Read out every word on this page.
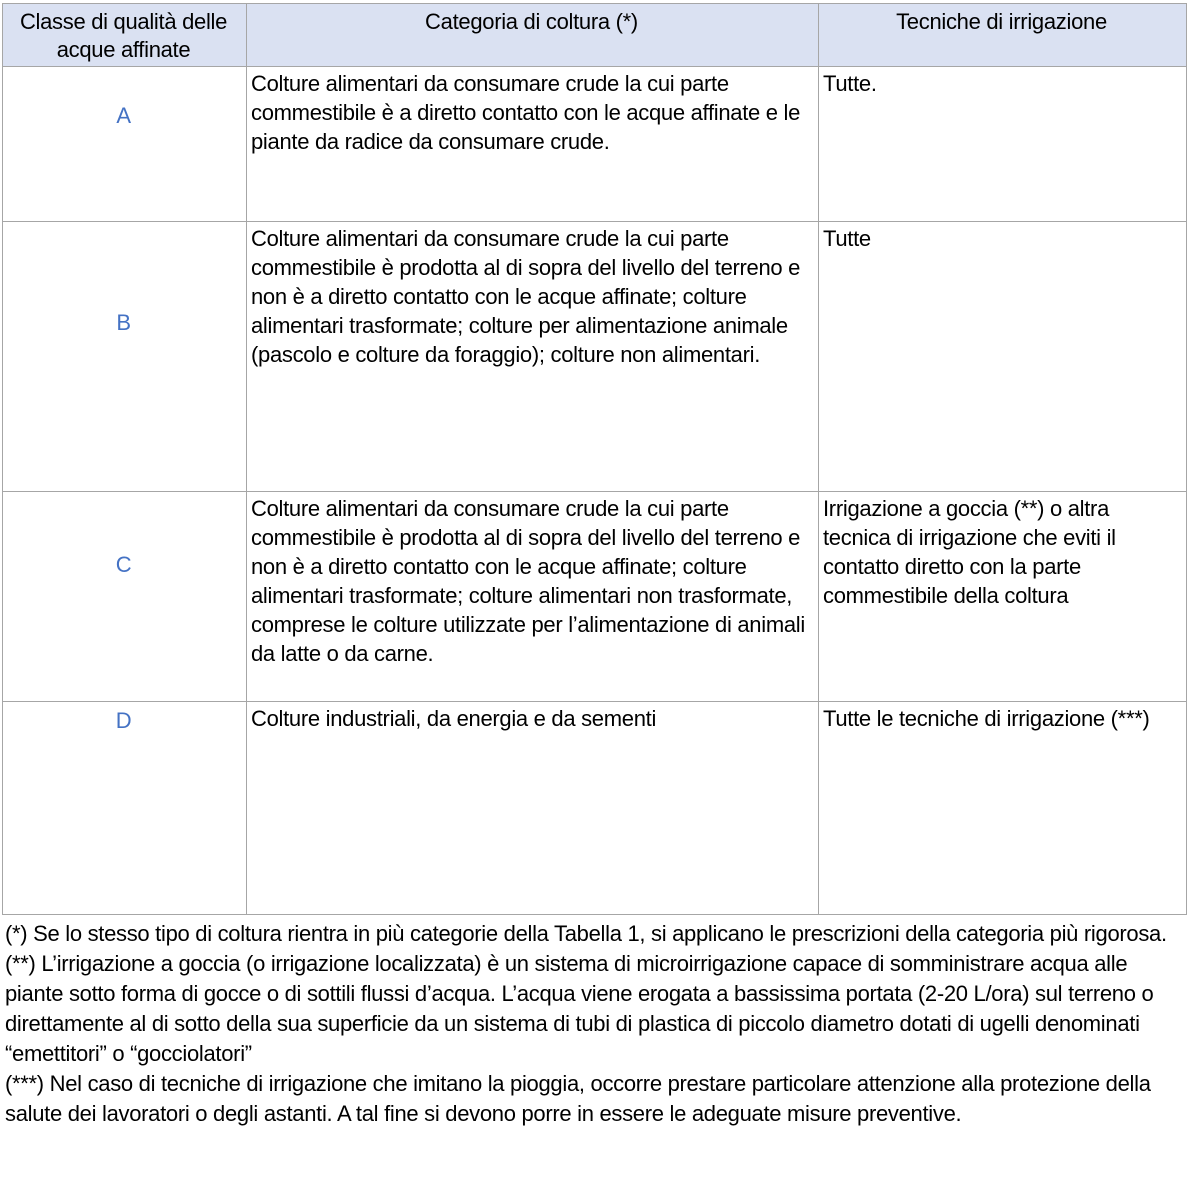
Classe di qualità delle acque affinate	Categoria di coltura (*)	Tecniche di irrigazione
A	Colture alimentari da consumare crude la cui parte commestibile è a diretto contatto con le acque affinate e le piante da radice da consumare crude.	Tutte.
B	Colture alimentari da consumare crude la cui parte commestibile è prodotta al di sopra del livello del terreno e non è a diretto contatto con le acque affinate; colture alimentari trasformate; colture per alimentazione animale (pascolo e colture da foraggio); colture non alimentari.	Tutte
C	Colture alimentari da consumare crude la cui parte commestibile è prodotta al di sopra del livello del terreno e non è a diretto contatto con le acque affinate; colture alimentari trasformate; colture alimentari non trasformate, comprese le colture utilizzate per l’alimentazione di animali da latte o da carne.	Irrigazione a goccia (**) o altra tecnica di irrigazione che eviti il contatto diretto con la parte commestibile della coltura
D	Colture industriali, da energia e da sementi	Tutte le tecniche di irrigazione (***)

(*) Se lo stesso tipo di coltura rientra in più categorie della Tabella 1, si applicano le prescrizioni della categoria più rigorosa.

(**) L’irrigazione a goccia (o irrigazione localizzata) è un sistema di microirrigazione capace di somministrare acqua alle piante sotto forma di gocce o di sottili flussi d’acqua. L’acqua viene erogata a bassissima portata (2-20 L/ora) sul terreno o direttamente al di sotto della sua superficie da un sistema di tubi di plastica di piccolo diametro dotati di ugelli denominati “emettitori” o “gocciolatori”

(***) Nel caso di tecniche di irrigazione che imitano la pioggia, occorre prestare particolare attenzione alla protezione della salute dei lavoratori o degli astanti. A tal fine si devono porre in essere le adeguate misure preventive.
